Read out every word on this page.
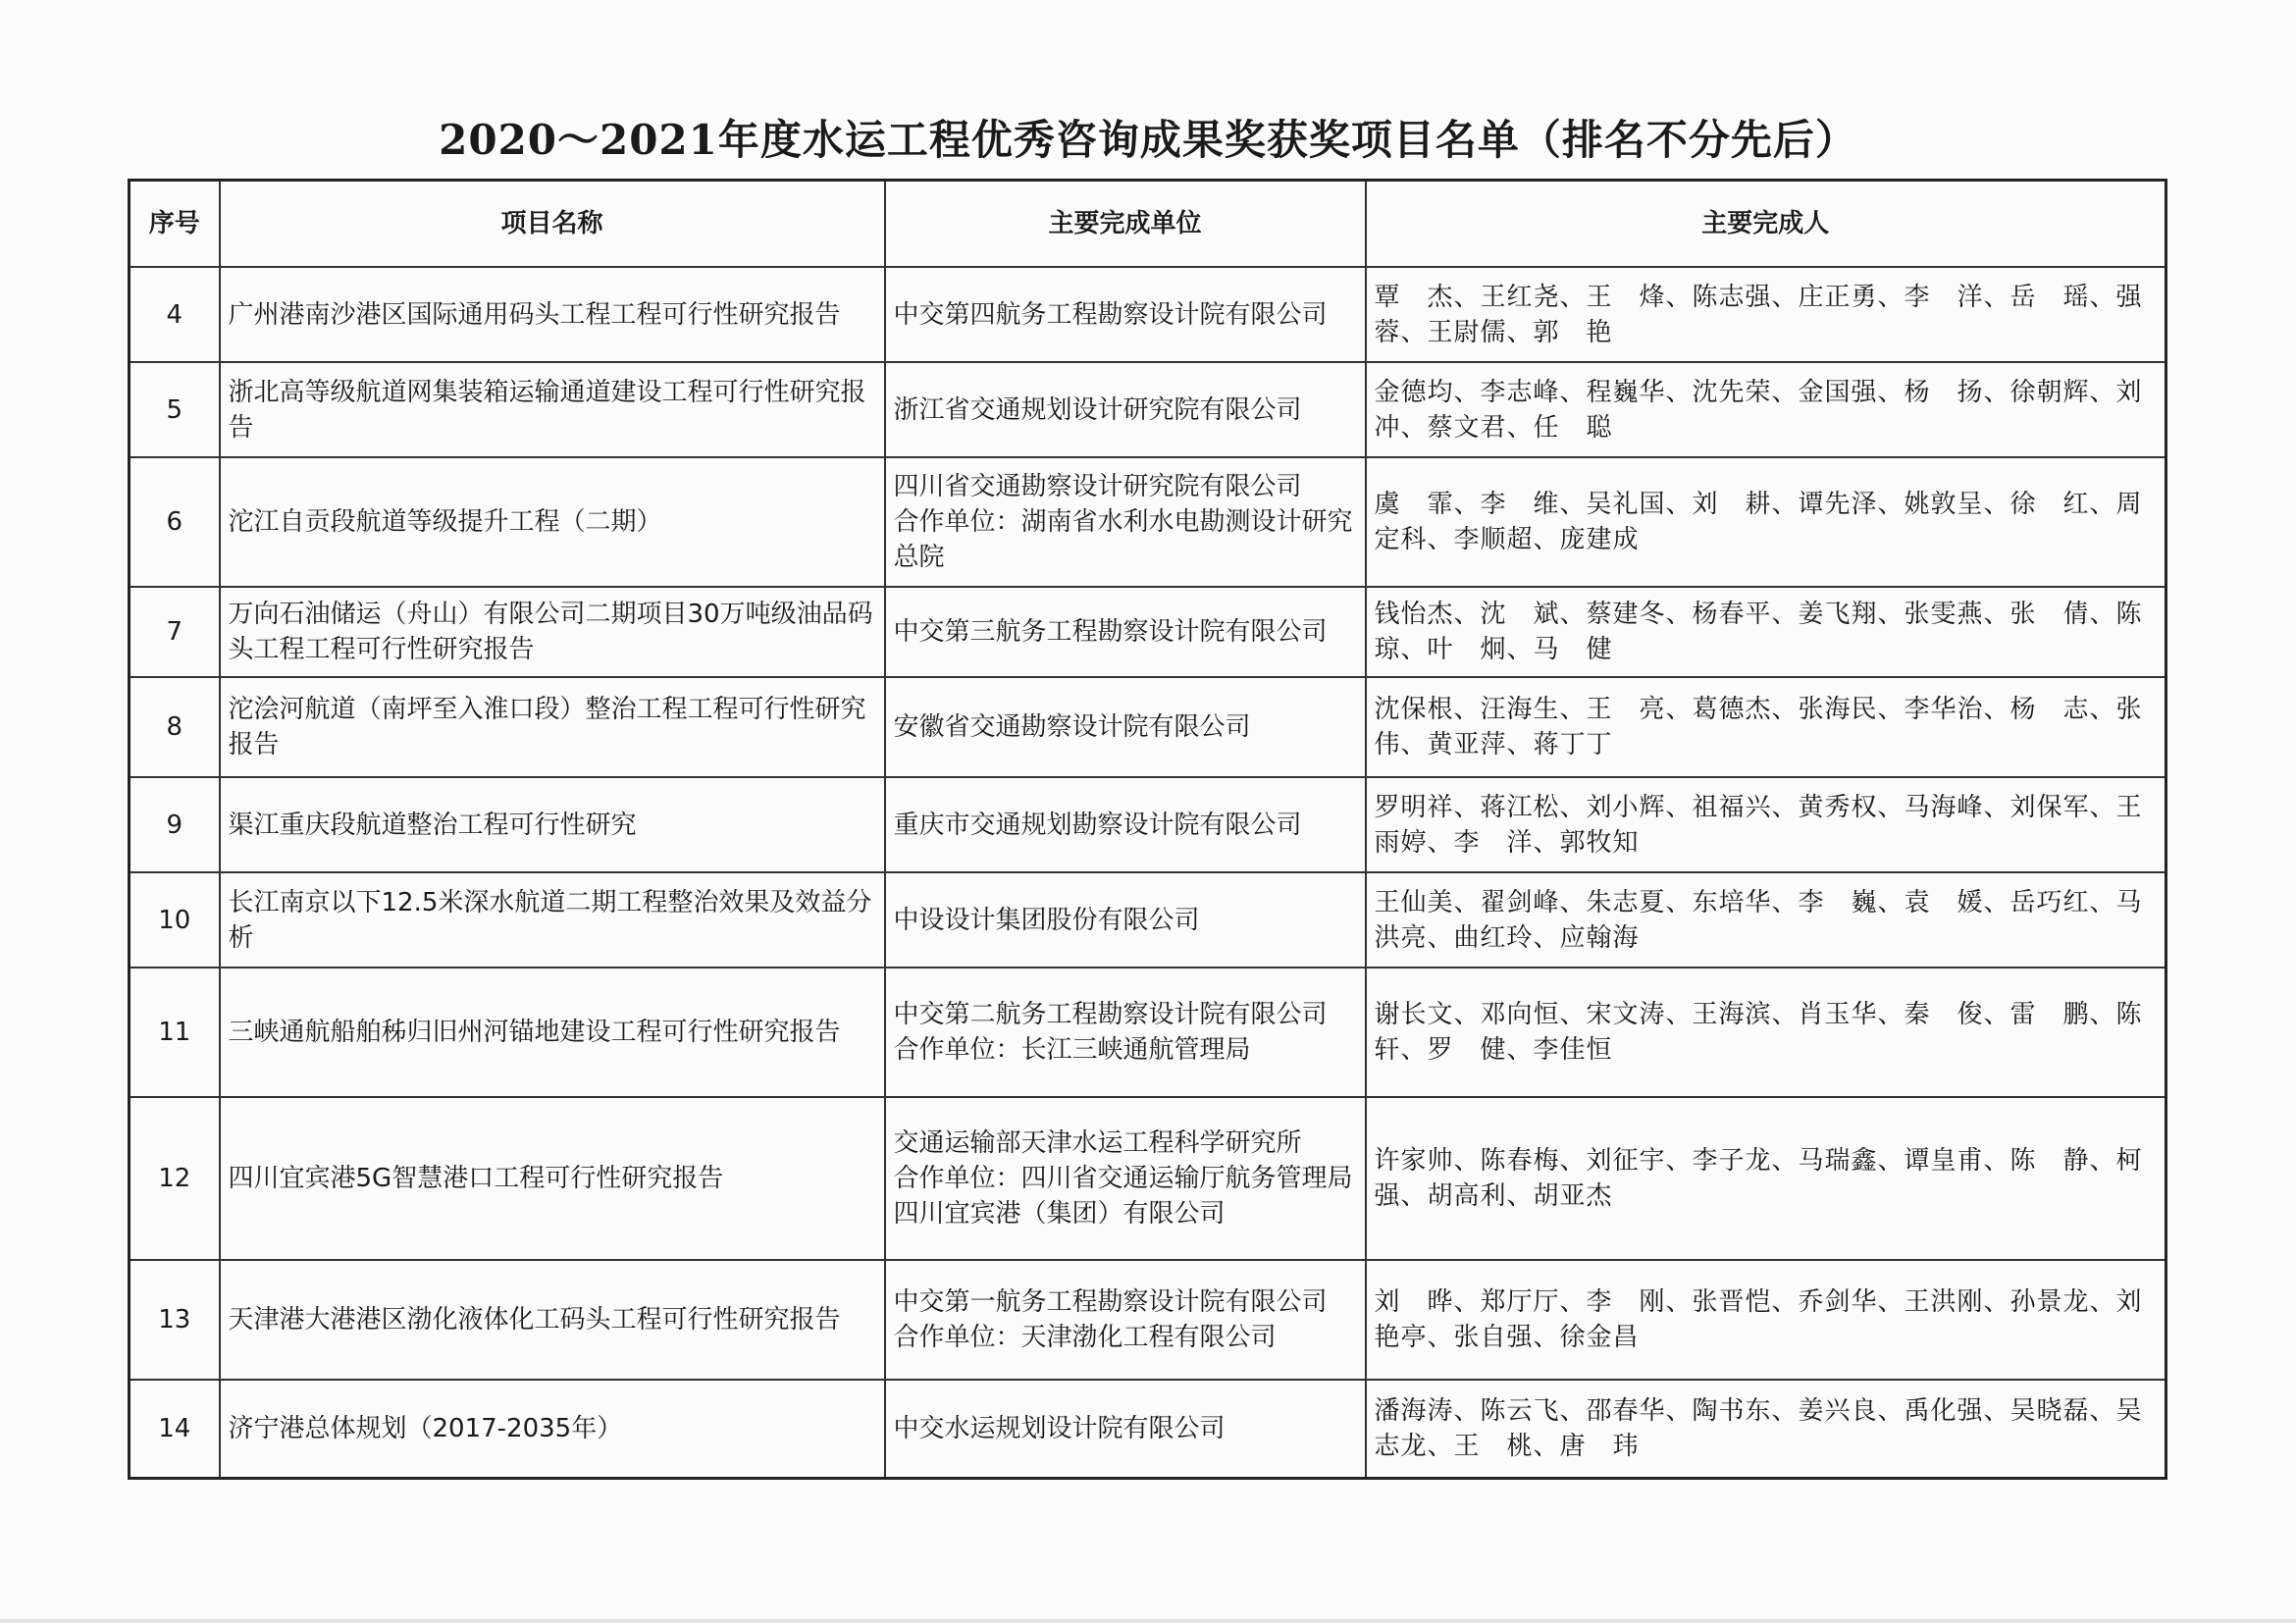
2020～2021年度水运工程优秀咨询成果奖获奖项目名单（排名不分先后）
序号	项目名称	主要完成单位	主要完成人
4	广州港南沙港区国际通用码头工程工程可行性研究报告	中交第四航务工程勘察设计院有限公司	覃　杰、王红尧、王　烽、陈志强、庄正勇、李　洋、岳　瑶、强　蓉、王尉儒、郭　艳
5	浙北高等级航道网集装箱运输通道建设工程可行性研究报告	浙江省交通规划设计研究院有限公司	金德均、李志峰、程巍华、沈先荣、金国强、杨　扬、徐朝辉、刘冲、蔡文君、任　聪
6	沱江自贡段航道等级提升工程（二期）	四川省交通勘察设计研究院有限公司
合作单位：湖南省水利水电勘测设计研究总院	虞　霏、李　维、吴礼国、刘　耕、谭先泽、姚敦呈、徐　红、周定科、李顺超、庞建成
7	万向石油储运（舟山）有限公司二期项目30万吨级油品码头工程工程可行性研究报告	中交第三航务工程勘察设计院有限公司	钱怡杰、沈　斌、蔡建冬、杨春平、姜飞翔、张雯燕、张　倩、陈琼、叶　炯、马　健
8	沱浍河航道（南坪至入淮口段）整治工程工程可行性研究报告	安徽省交通勘察设计院有限公司	沈保根、汪海生、王　亮、葛德杰、张海民、李华治、杨　志、张　伟、黄亚萍、蒋丁丁
9	渠江重庆段航道整治工程可行性研究	重庆市交通规划勘察设计院有限公司	罗明祥、蒋江松、刘小辉、祖福兴、黄秀权、马海峰、刘保军、王雨婷、李　洋、郭牧知
10	长江南京以下12.5米深水航道二期工程整治效果及效益分析	中设设计集团股份有限公司	王仙美、翟剑峰、朱志夏、东培华、李　巍、袁　媛、岳巧红、马洪亮、曲红玲、应翰海
11	三峡通航船舶秭归旧州河锚地建设工程可行性研究报告	中交第二航务工程勘察设计院有限公司
合作单位：长江三峡通航管理局	谢长文、邓向恒、宋文涛、王海滨、肖玉华、秦　俊、雷　鹏、陈　轩、罗　健、李佳恒
12	四川宜宾港5G智慧港口工程可行性研究报告	交通运输部天津水运工程科学研究所
合作单位：四川省交通运输厅航务管理局　四川宜宾港（集团）有限公司	许家帅、陈春梅、刘征宇、李子龙、马瑞鑫、谭皇甫、陈　静、柯强、胡高利、胡亚杰
13	天津港大港港区渤化液体化工码头工程可行性研究报告	中交第一航务工程勘察设计院有限公司
合作单位：天津渤化工程有限公司	刘　晔、郑厅厅、李　刚、张晋恺、乔剑华、王洪刚、孙景龙、刘艳亭、张自强、徐金昌
14	济宁港总体规划（2017-2035年）	中交水运规划设计院有限公司	潘海涛、陈云飞、邵春华、陶书东、姜兴良、禹化强、吴晓磊、吴志龙、王　桃、唐　玮
